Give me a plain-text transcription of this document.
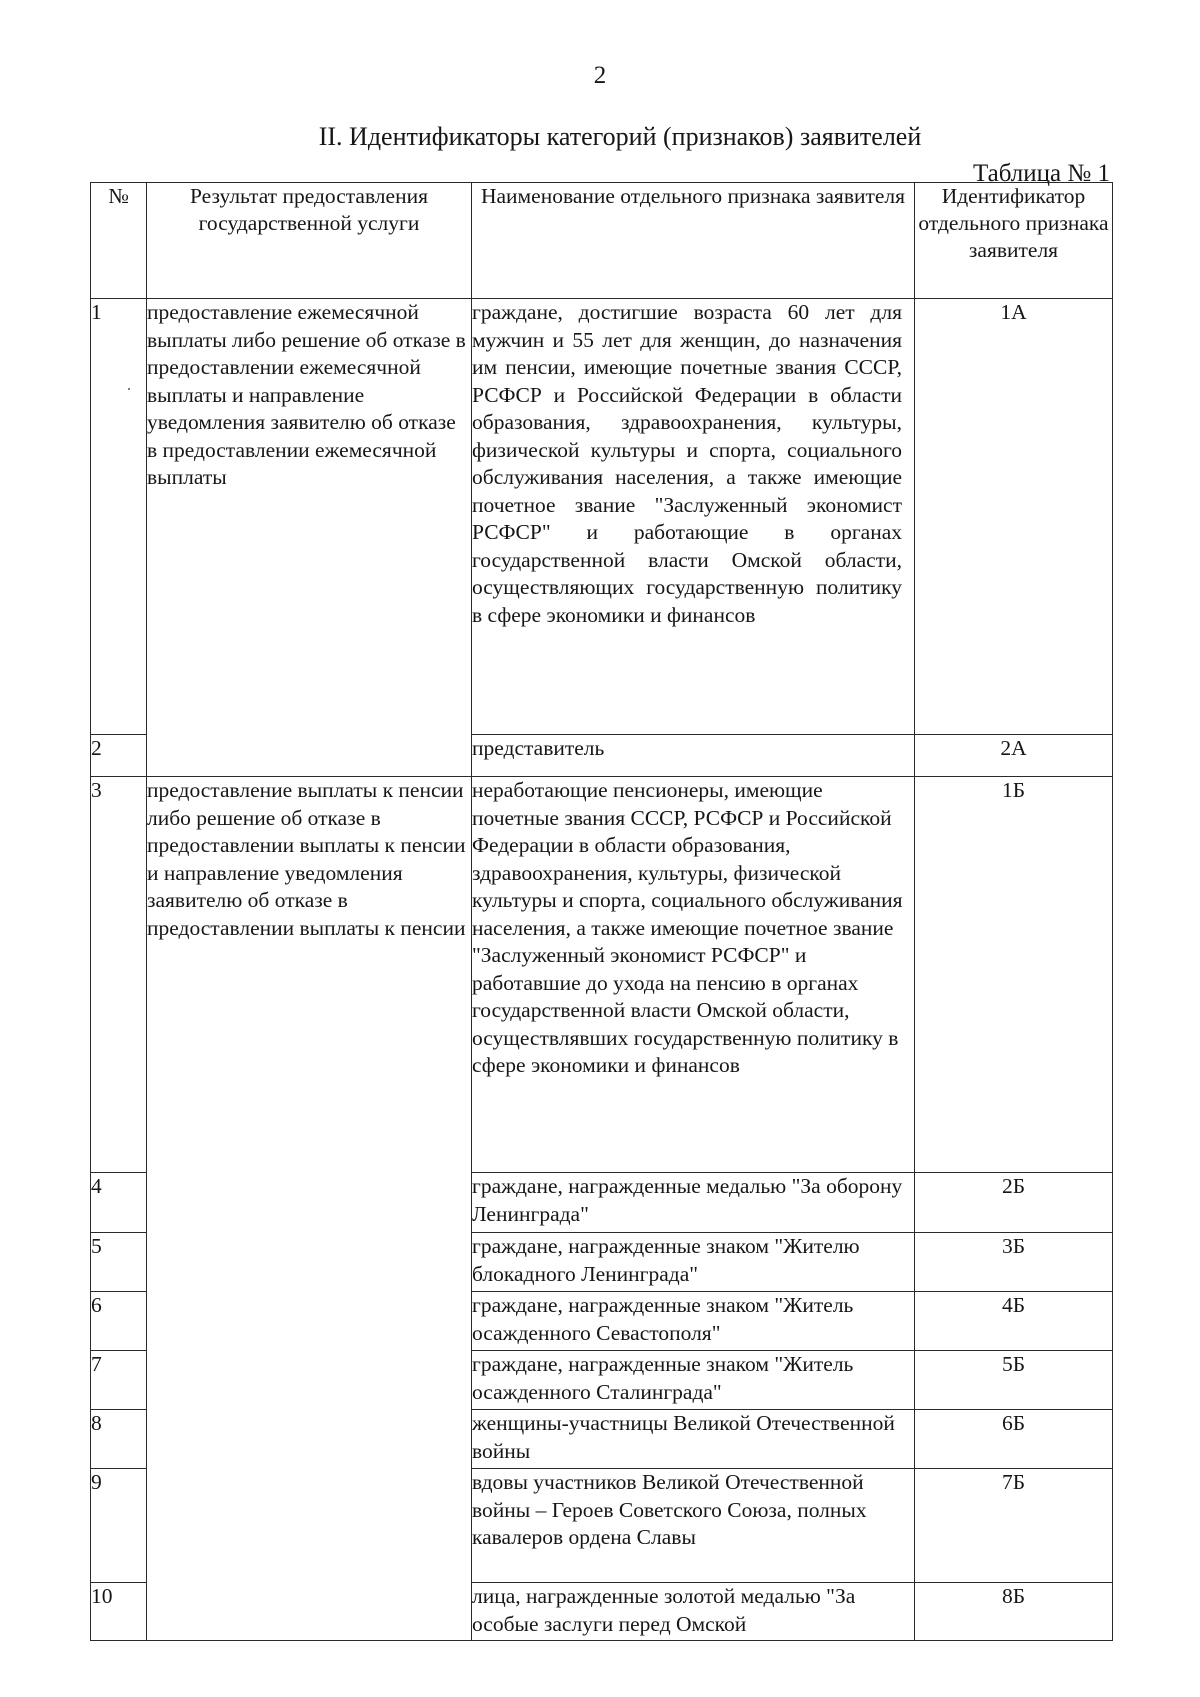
2
II. Идентификаторы категорий (признаков) заявителей
Таблица № 1
№	Результат предоставления государственной услуги	Наименование отдельного признака заявителя	Идентификатор отдельного признака заявителя
1	предоставление ежемесячной выплаты либо решение об отказе в предоставлении ежемесячной выплаты и направление уведомления заявителю об отказе в предоставлении ежемесячной выплаты	граждане, достигшие возраста 60 лет для мужчин и 55 лет для женщин, до назначения им пенсии, имеющие почетные звания СССР, РСФСР и Российской Федерации в области образования, здравоохранения, культуры, физической культуры и спорта, социального обслуживания населения, а также имеющие почетное звание "Заслуженный экономист РСФСР" и работающие в органах государственной власти Омской области, осуществляющих государственную политику в сфере экономики и финансов	1А
2		представитель	2А
3	предоставление выплаты к пенсии либо решение об отказе в предоставлении выплаты к пенсии и направление уведомления заявителю об отказе в предоставлении выплаты к пенсии	неработающие пенсионеры, имеющие почетные звания СССР, РСФСР и Российской Федерации в области образования, здравоохранения, культуры, физической культуры и спорта, социального обслуживания населения, а также имеющие почетное звание "Заслуженный экономист РСФСР" и работавшие до ухода на пенсию в органах государственной власти Омской области, осуществлявших государственную политику в сфере экономики и финансов	1Б
4		граждане, награжденные медалью "За оборону Ленинграда"	2Б
5		граждане, награжденные знаком "Жителю блокадного Ленинграда"	3Б
6		граждане, награжденные знаком "Житель осажденного Севастополя"	4Б
7		граждане, награжденные знаком "Житель осажденного Сталинграда"	5Б
8		женщины-участницы Великой Отечественной войны	6Б
9		вдовы участников Великой Отечественной войны – Героев Советского Союза, полных кавалеров ордена Славы	7Б
10		лица, награжденные золотой медалью "За особые заслуги перед Омской	8Б
